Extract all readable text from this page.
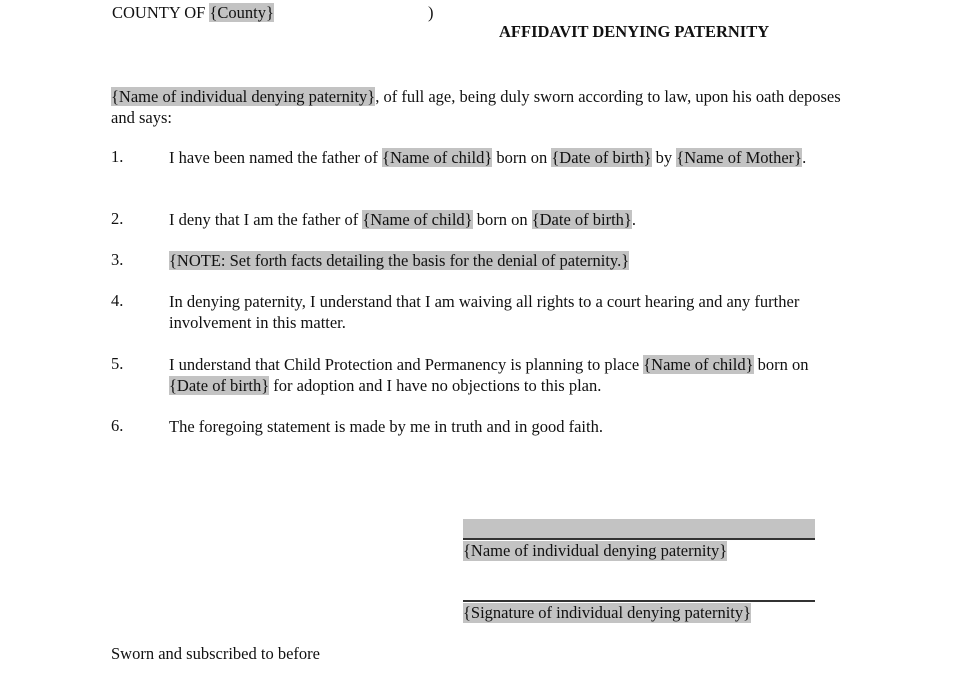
COUNTY OF {County}	)
AFFIDAVIT DENYING PATERNITY
{Name of individual denying paternity}, of full age, being duly sworn according to law, upon his oath deposes and says:
1.	I have been named the father of {Name of child} born on {Date of birth} by {Name of Mother}.
2.	I deny that I am the father of {Name of child} born on {Date of birth}.
3.	{NOTE: Set forth facts detailing the basis for the denial of paternity.}
4.	In denying paternity, I understand that I am waiving all rights to a court hearing and any further involvement in this matter.
5.	I understand that Child Protection and Permanency is planning to place {Name of child} born on {Date of birth} for adoption and I have no objections to this plan.
6.	The foregoing statement is made by me in truth and in good faith.
{Name of individual denying paternity}
{Signature of individual denying paternity}
Sworn and subscribed to before
